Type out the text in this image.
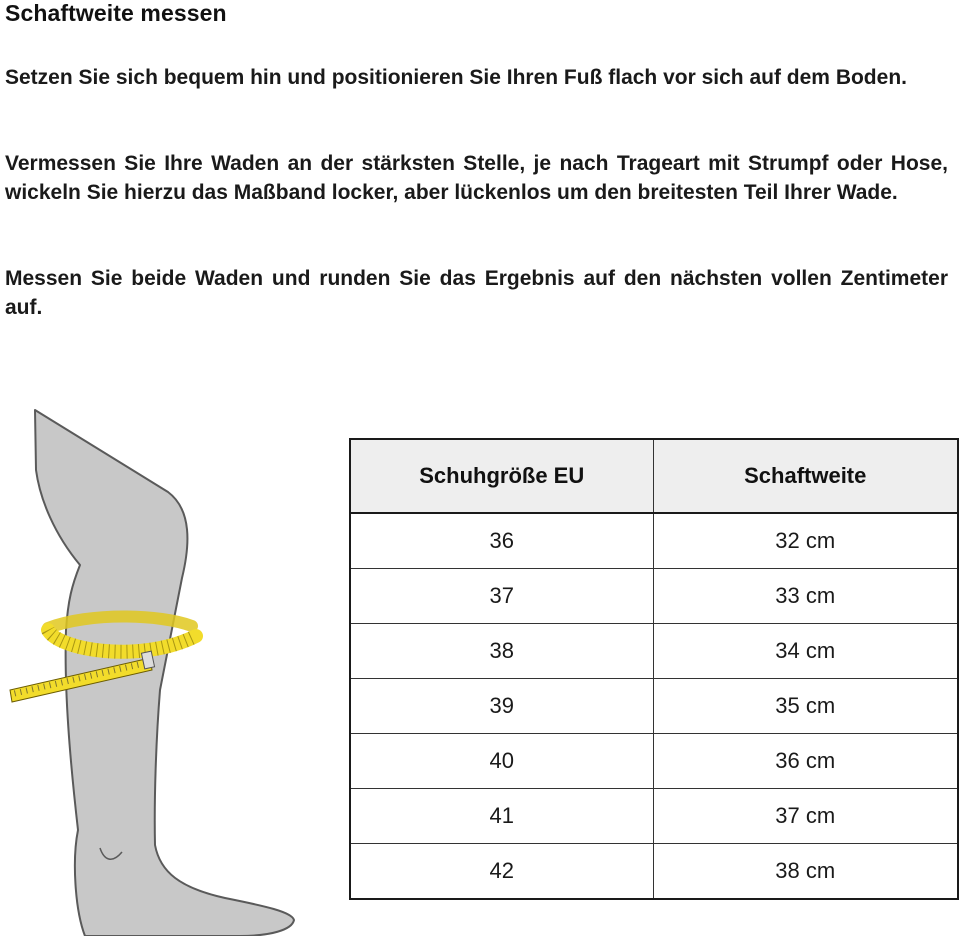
Schaftweite messen

Setzen Sie sich bequem hin und positionieren Sie Ihren Fuß flach vor sich auf dem Boden.

Vermessen Sie Ihre Waden an der stärksten Stelle, je nach Trageart mit Strumpf oder Hose, wickeln Sie hierzu das Maßband locker, aber lückenlos um den breitesten Teil Ihrer Wade.

Messen Sie beide Waden und runden Sie das Ergebnis auf den nächsten vollen Zentimeter auf.

Schuhgröße EU	Schaftweite
36	32 cm
37	33 cm
38	34 cm
39	35 cm
40	36 cm
41	37 cm
42	38 cm
